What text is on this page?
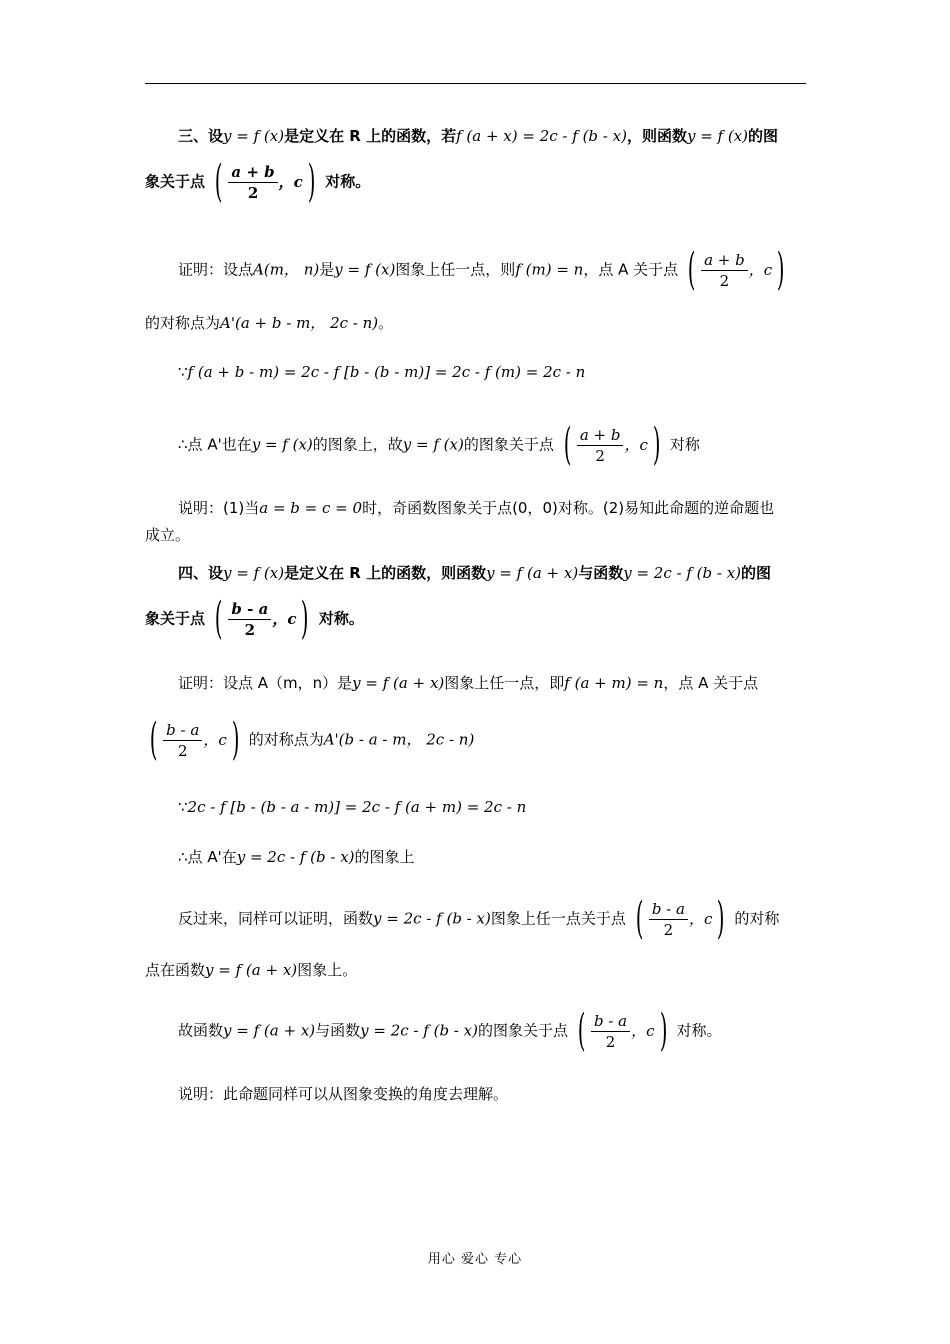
三、设y = f (x)是定义在 R 上的函数，若f (a + x) = 2c - f (b - x)，则函数y = f (x)的图
象关于点 ( $\frac{a + b}{2}$ ，c ) 对称。
证明：设点A(m， n)是y = f (x)图象上任一点，则f (m) = n，点 A 关于点 ( $\frac{a + b}{2}$ ，c )
的对称点为A'(a + b - m， 2c - n)。
∵f (a + b - m) = 2c - f [b - (b - m)] = 2c - f (m) = 2c - n
∴点 A'也在y = f (x)的图象上，故y = f (x)的图象关于点 ( $\frac{a + b}{2}$ ，c ) 对称
说明：(1)当a = b = c = 0时，奇函数图象关于点(0，0)对称。(2)易知此命题的逆命题也
成立。
四、设y = f (x)是定义在 R 上的函数，则函数y = f (a + x)与函数y = 2c - f (b - x)的图
象关于点 ( $\frac{b - a}{2}$ ，c ) 对称。
证明：设点 A（m，n）是y = f (a + x)图象上任一点，即f (a + m) = n，点 A 关于点
( $\frac{b - a}{2}$ ，c ) 的对称点为A'(b - a - m， 2c - n)
∵2c - f [b - (b - a - m)] = 2c - f (a + m) = 2c - n
∴点 A'在y = 2c - f (b - x)的图象上
反过来，同样可以证明，函数y = 2c - f (b - x)图象上任一点关于点 ( $\frac{b - a}{2}$ ，c ) 的对称
点在函数y = f (a + x)图象上。
故函数y = f (a + x)与函数y = 2c - f (b - x)的图象关于点 ( $\frac{b - a}{2}$ ，c ) 对称。
说明：此命题同样可以从图象变换的角度去理解。
用心 爱心 专心
